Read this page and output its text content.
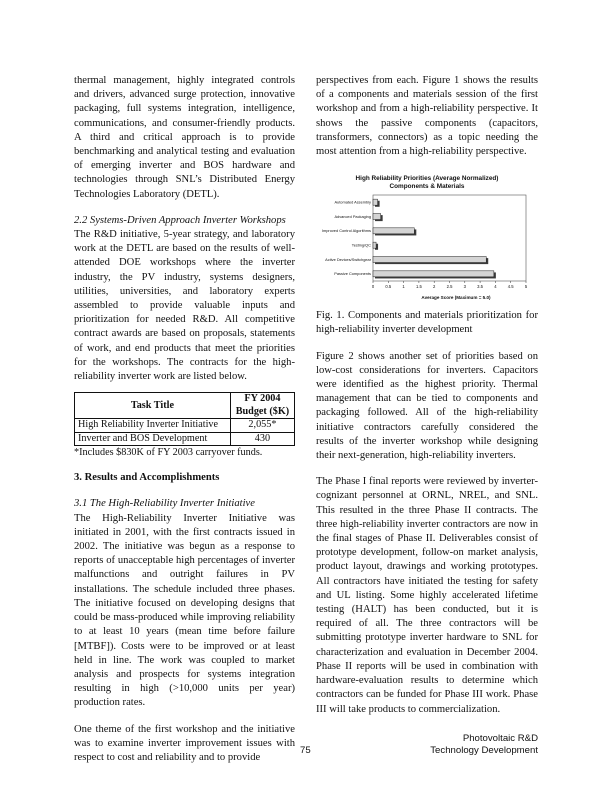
thermal management, highly integrated controls and drivers, advanced surge protection, innovative packaging, full systems integration, intelligence, communications, and consumer-friendly products. A third and critical approach is to provide benchmarking and analytical testing and evaluation of emerging inverter and BOS hardware and technologies through SNL’s Distributed Energy Technologies Laboratory (DETL).

2.2 Systems-Driven Approach Inverter Workshops

The R&D initiative, 5-year strategy, and laboratory work at the DETL are based on the results of well-attended DOE workshops where the inverter industry, the PV industry, systems designers, utilities, universities, and laboratory experts assembled to provide valuable inputs and prioritization for needed R&D. All competitive contract awards are based on proposals, statements of work, and end products that meet the priorities for the workshops. The contracts for the high-reliability inverter work are listed below.

Task Title	FY 2004
Budget ($K)

High Reliability Inverter Initiative	2,055*
Inverter and BOS Development	430

*Includes $830K of FY 2003 carryover funds.

3. Results and Accomplishments

3.1 The High-Reliability Inverter Initiative

The High-Reliability Inverter Initiative was initiated in 2001, with the first contracts issued in 2002. The initiative was begun as a response to reports of unacceptable high percentages of inverter malfunctions and outright failures in PV installations. The schedule included three phases. The initiative focused on developing designs that could be mass-produced while improving reliability to at least 10 years (mean time before failure [MTBF]). Costs were to be improved or at least held in line. The work was coupled to market analysis and prospects for systems integration resulting in high (>10,000 units per year) production rates.

One theme of the first workshop and the initiative was to examine inverter improvement issues with respect to cost and reliability and to provide

perspectives from each. Figure 1 shows the results of a components and materials session of the first workshop and from a high-reliability perspective. It shows the passive components (capacitors, transformers, connectors) as a topic needing the most attention from a high-reliability perspective.

High Reliability Priorities (Average Normalized)
Components & Materials
0	0.5	1	1.5	2	2.5	3	3.5	4	4.5	5
Automated Assembly
Advanced Packaging
Improved Control Algorithms
Testing/QC
Active Devices/Switchgear
Passive Components
Average Score (Maximum = 5.0)

Fig. 1. Components and materials prioritization for high-reliability inverter development

Figure 2 shows another set of priorities based on low-cost considerations for inverters. Capacitors were identified as the highest priority. Thermal management that can be tied to components and packaging followed. All of the high-reliability initiative contractors carefully considered the results of the inverter workshop while designing their next-generation, high-reliability inverters.

The Phase I final reports were reviewed by inverter-cognizant personnel at ORNL, NREL, and SNL. This resulted in the three Phase II contracts. The three high-reliability inverter contractors are now in the final stages of Phase II. Deliverables consist of prototype development, follow-on market analysis, product layout, drawings and working prototypes. All contractors have initiated the testing for safety and UL listing. Some highly accelerated lifetime testing (HALT) has been conducted, but it is required of all. The three contractors will be submitting prototype inverter hardware to SNL for characterization and evaluation in December 2004. Phase II reports will be used in combination with hardware-evaluation results to determine which contractors can be funded for Phase III work. Phase III will take products to commercialization.

75
Photovoltaic R&D
Technology Development
